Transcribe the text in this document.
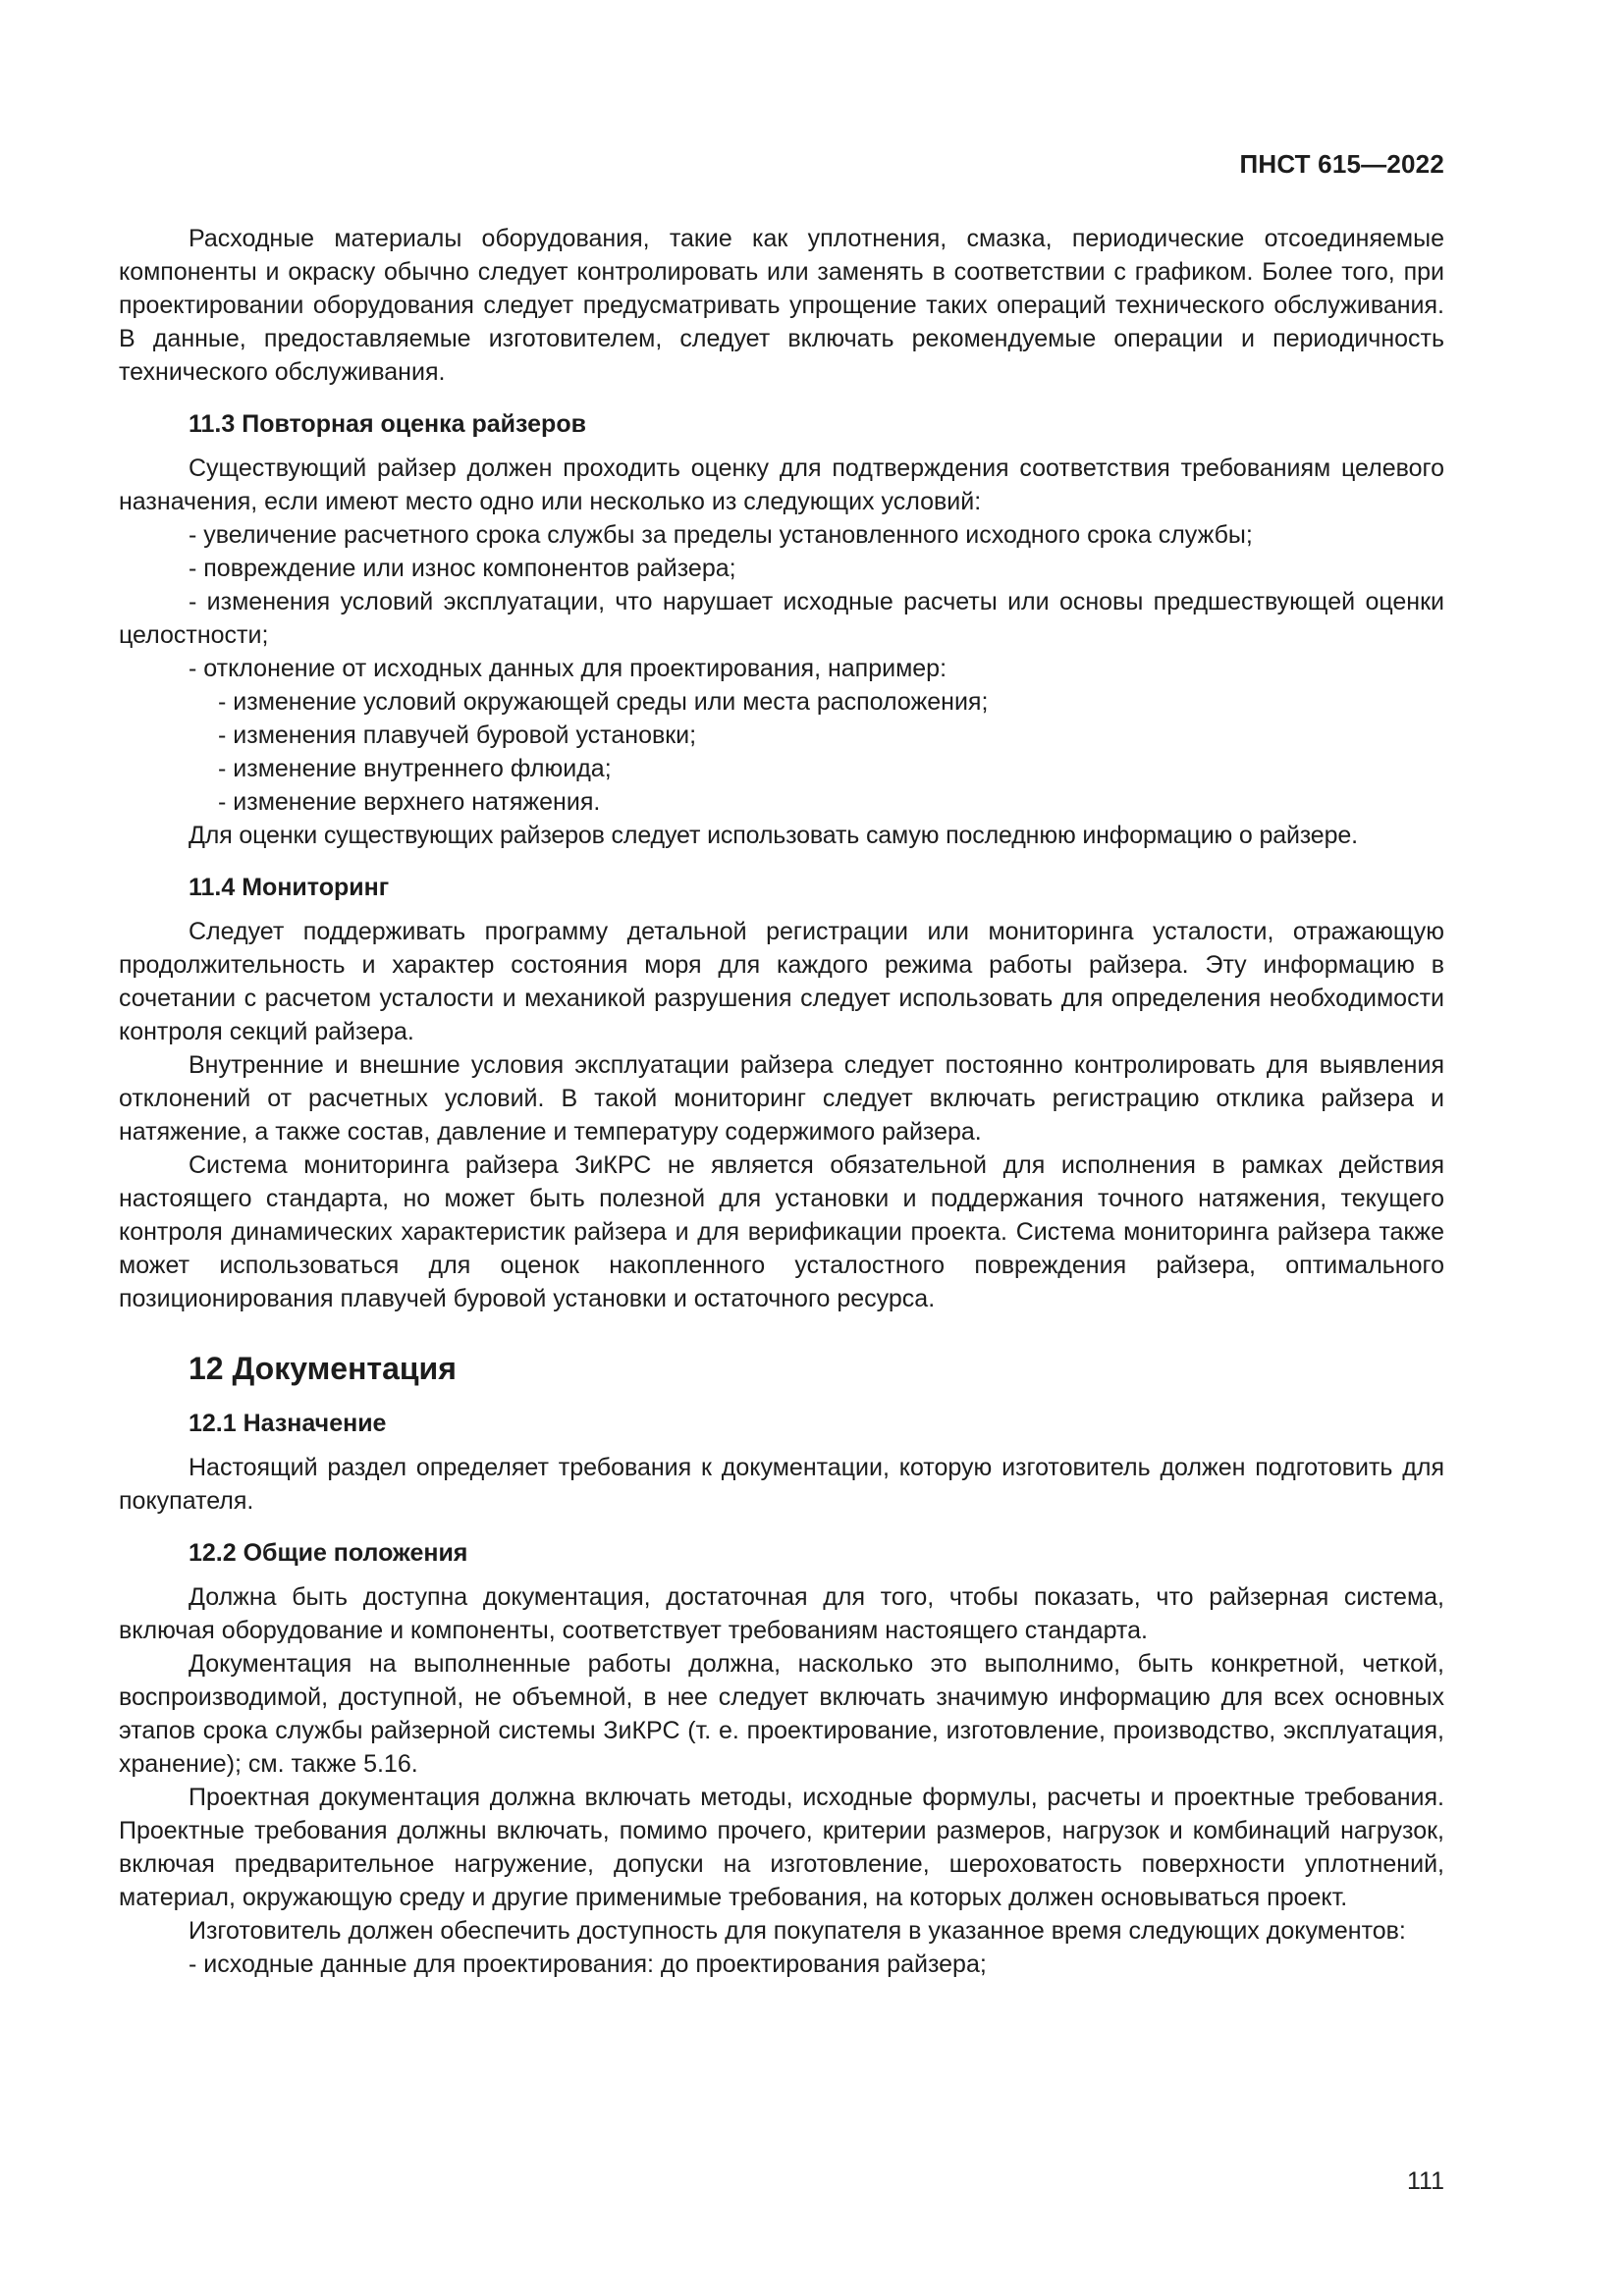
ПНСТ 615—2022

Расходные материалы оборудования, такие как уплотнения, смазка, периодические отсоединяемые компоненты и окраску обычно следует контролировать или заменять в соответствии с графиком. Более того, при проектировании оборудования следует предусматривать упрощение таких операций технического обслуживания. В данные, предоставляемые изготовителем, следует включать рекомендуемые операции и периодичность технического обслуживания.

11.3 Повторная оценка райзеров

Существующий райзер должен проходить оценку для подтверждения соответствия требованиям целевого назначения, если имеют место одно или несколько из следующих условий:

- увеличение расчетного срока службы за пределы установленного исходного срока службы;

- повреждение или износ компонентов райзера;

- изменения условий эксплуатации, что нарушает исходные расчеты или основы предшествующей оценки целостности;

- отклонение от исходных данных для проектирования, например:

- изменение условий окружающей среды или места расположения;

- изменения плавучей буровой установки;

- изменение внутреннего флюида;

- изменение верхнего натяжения.

Для оценки существующих райзеров следует использовать самую последнюю информацию о райзере.

11.4 Мониторинг

Следует поддерживать программу детальной регистрации или мониторинга усталости, отражающую продолжительность и характер состояния моря для каждого режима работы райзера. Эту информацию в сочетании с расчетом усталости и механикой разрушения следует использовать для определения необходимости контроля секций райзера.

Внутренние и внешние условия эксплуатации райзера следует постоянно контролировать для выявления отклонений от расчетных условий. В такой мониторинг следует включать регистрацию отклика райзера и натяжение, а также состав, давление и температуру содержимого райзера.

Система мониторинга райзера ЗиКРС не является обязательной для исполнения в рамках действия настоящего стандарта, но может быть полезной для установки и поддержания точного натяжения, текущего контроля динамических характеристик райзера и для верификации проекта. Система мониторинга райзера также может использоваться для оценок накопленного усталостного повреждения райзера, оптимального позиционирования плавучей буровой установки и остаточного ресурса.

12 Документация
12.1 Назначение

Настоящий раздел определяет требования к документации, которую изготовитель должен подготовить для покупателя.

12.2 Общие положения

Должна быть доступна документация, достаточная для того, чтобы показать, что райзерная система, включая оборудование и компоненты, соответствует требованиям настоящего стандарта.

Документация на выполненные работы должна, насколько это выполнимо, быть конкретной, четкой, воспроизводимой, доступной, не объемной, в нее следует включать значимую информацию для всех основных этапов срока службы райзерной системы ЗиКРС (т. е. проектирование, изготовление, производство, эксплуатация, хранение); см. также 5.16.

Проектная документация должна включать методы, исходные формулы, расчеты и проектные требования. Проектные требования должны включать, помимо прочего, критерии размеров, нагрузок и комбинаций нагрузок, включая предварительное нагружение, допуски на изготовление, шероховатость поверхности уплотнений, материал, окружающую среду и другие применимые требования, на которых должен основываться проект.

Изготовитель должен обеспечить доступность для покупателя в указанное время следующих документов:

- исходные данные для проектирования: до проектирования райзера;

111
